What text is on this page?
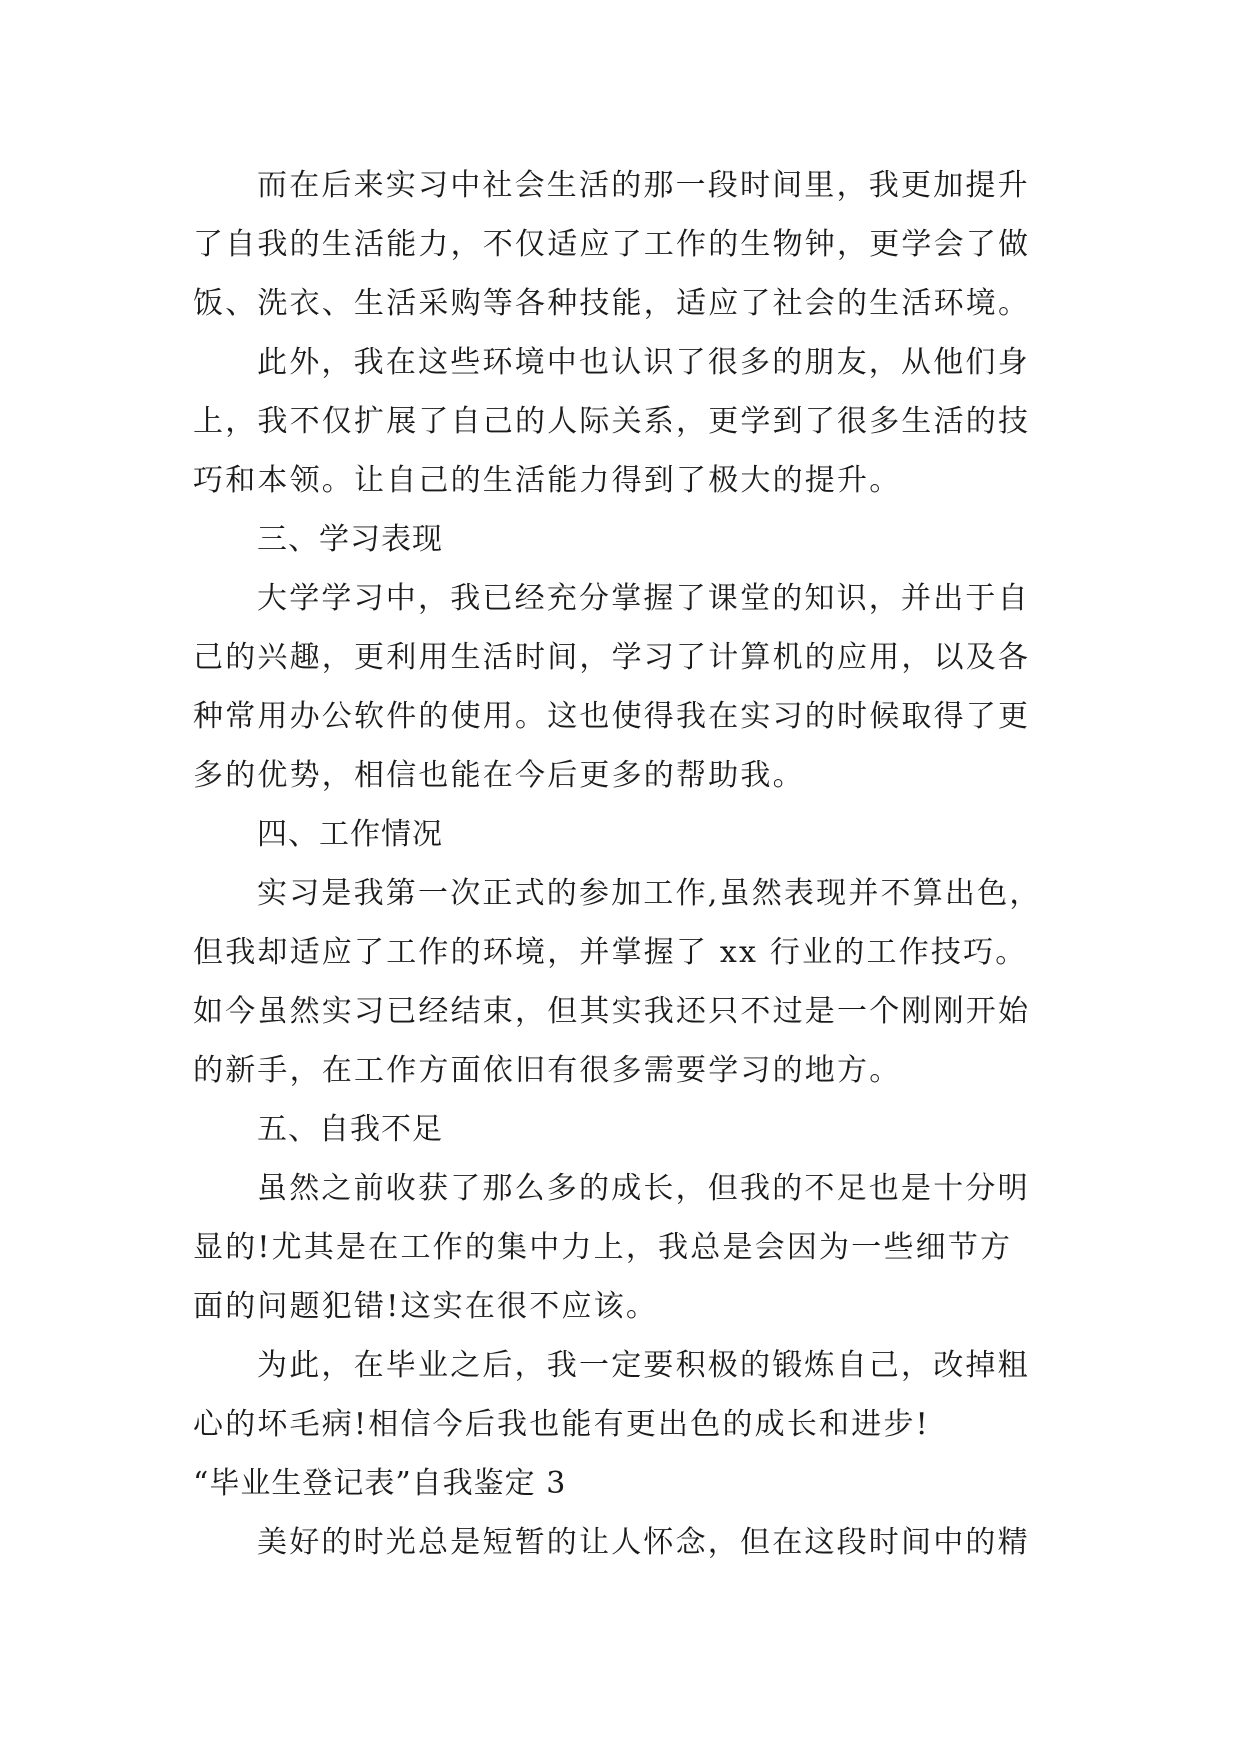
而在后来实习中社会生活的那一段时间里，我更加提升
了自我的生活能力，不仅适应了工作的生物钟，更学会了做
饭、洗衣、生活采购等各种技能，适应了社会的生活环境。
此外，我在这些环境中也认识了很多的朋友，从他们身
上，我不仅扩展了自己的人际关系，更学到了很多生活的技
巧和本领。让自己的生活能力得到了极大的提升。
三、学习表现
大学学习中，我已经充分掌握了课堂的知识，并出于自
己的兴趣，更利用生活时间，学习了计算机的应用，以及各
种常用办公软件的使用。这也使得我在实习的时候取得了更
多的优势，相信也能在今后更多的帮助我。
四、工作情况
实习是我第一次正式的参加工作,虽然表现并不算出色，
但我却适应了工作的环境，并掌握了 xx 行业的工作技巧。
如今虽然实习已经结束，但其实我还只不过是一个刚刚开始
的新手，在工作方面依旧有很多需要学习的地方。
五、自我不足
虽然之前收获了那么多的成长，但我的不足也是十分明
显的!尤其是在工作的集中力上，我总是会因为一些细节方
面的问题犯错!这实在很不应该。
为此，在毕业之后，我一定要积极的锻炼自己，改掉粗
心的坏毛病!相信今后我也能有更出色的成长和进步!
“毕业生登记表”自我鉴定 3
美好的时光总是短暂的让人怀念，但在这段时间中的精
